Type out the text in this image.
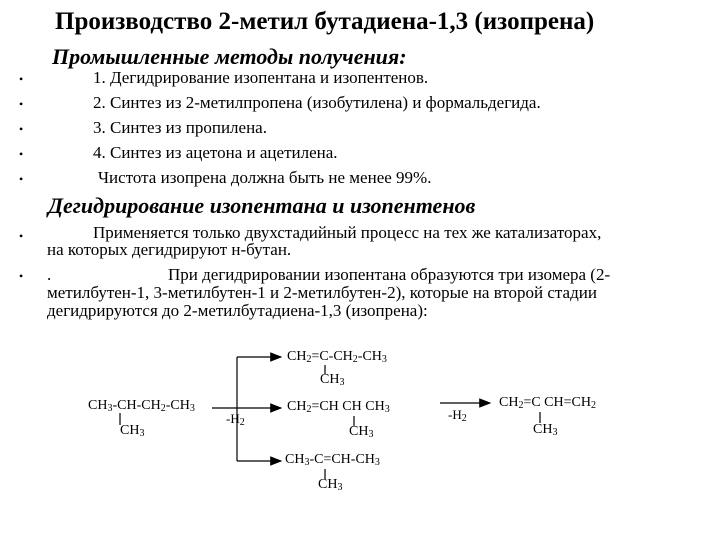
Производство 2-метил бутадиена-1,3 (изопрена)
Промышленные методы получения:
•	1. Дегидрирование изопентана и изопентенов.
•	2. Синтез из 2-метилпропена (изобутилена) и формальдегида.
•	3. Синтез из пропилена.
•	4. Синтез из ацетона и ацетилена.
•	Чистота изопрена должна быть не менее 99%.
Дегидрирование изопентана и изопентенов
•	Применяется только двухстадийный процесс на тех же катализаторах,
на которых дегидрируют н-бутан.
• .	При дегидрировании изопентана образуются три изомера (2-
метилбутен-1, 3-метилбутен-1 и 2-метилбутен-2), которые на второй стадии
дегидрируются до 2-метилбутадиена-1,3 (изопрена):
$CH_3-CH-CH_2-CH_3$
$CH_3$
$-H_2$
$CH_2=C-CH_2-CH_3$
$CH_3$
$CH_2=CH$ CH $CH_3$
$CH_3$
$CH_3-C=CH-CH_3$
$CH_3$
$-H_2$
$CH_2=C$ $CH=CH_2$
$CH_3$
